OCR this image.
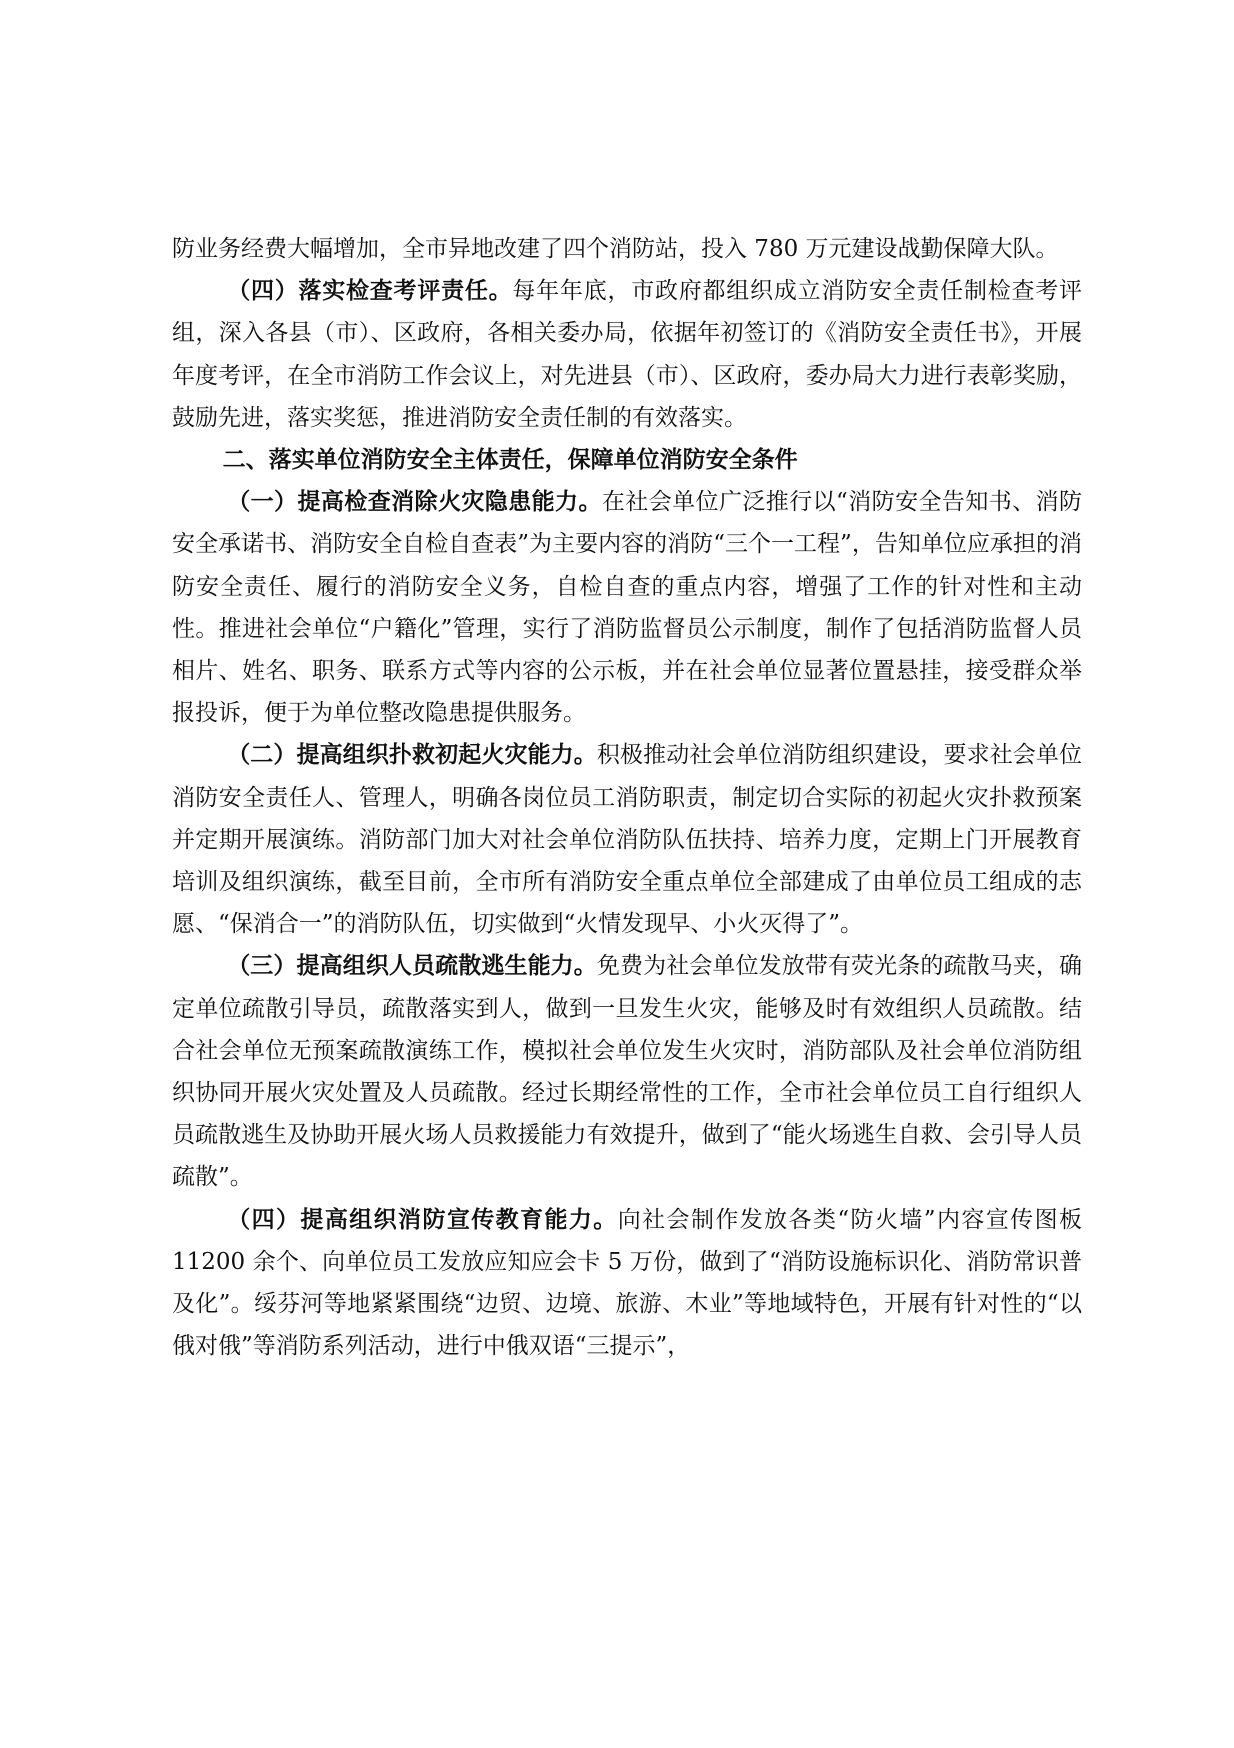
防业务经费大幅增加，全市异地改建了四个消防站，投入 780 万元建设战勤保障大队。

（四）落实检查考评责任。每年年底，市政府都组织成立消防安全责任制检查考评组，深入各县（市）、区政府，各相关委办局，依据年初签订的《消防安全责任书》，开展年度考评，在全市消防工作会议上，对先进县（市）、区政府，委办局大力进行表彰奖励，鼓励先进，落实奖惩，推进消防安全责任制的有效落实。

二、落实单位消防安全主体责任，保障单位消防安全条件

（一）提高检查消除火灾隐患能力。在社会单位广泛推行以“消防安全告知书、消防安全承诺书、消防安全自检自查表”为主要内容的消防“三个一工程”，告知单位应承担的消防安全责任、履行的消防安全义务，自检自查的重点内容，增强了工作的针对性和主动性。推进社会单位“户籍化”管理，实行了消防监督员公示制度，制作了包括消防监督人员相片、姓名、职务、联系方式等内容的公示板，并在社会单位显著位置悬挂，接受群众举报投诉，便于为单位整改隐患提供服务。

（二）提高组织扑救初起火灾能力。积极推动社会单位消防组织建设，要求社会单位消防安全责任人、管理人，明确各岗位员工消防职责，制定切合实际的初起火灾扑救预案并定期开展演练。消防部门加大对社会单位消防队伍扶持、培养力度，定期上门开展教育培训及组织演练，截至目前，全市所有消防安全重点单位全部建成了由单位员工组成的志愿、“保消合一”的消防队伍，切实做到“火情发现早、小火灭得了”。

（三）提高组织人员疏散逃生能力。免费为社会单位发放带有荧光条的疏散马夹，确定单位疏散引导员，疏散落实到人，做到一旦发生火灾，能够及时有效组织人员疏散。结合社会单位无预案疏散演练工作，模拟社会单位发生火灾时，消防部队及社会单位消防组织协同开展火灾处置及人员疏散。经过长期经常性的工作，全市社会单位员工自行组织人员疏散逃生及协助开展火场人员救援能力有效提升，做到了“能火场逃生自救、会引导人员疏散”。

（四）提高组织消防宣传教育能力。向社会制作发放各类“防火墙”内容宣传图板 11200 余个、向单位员工发放应知应会卡 5 万份，做到了“消防设施标识化、消防常识普及化”。绥芬河等地紧紧围绕“边贸、边境、旅游、木业”等地域特色，开展有针对性的“以俄对俄”等消防系列活动，进行中俄双语“三提示”，
